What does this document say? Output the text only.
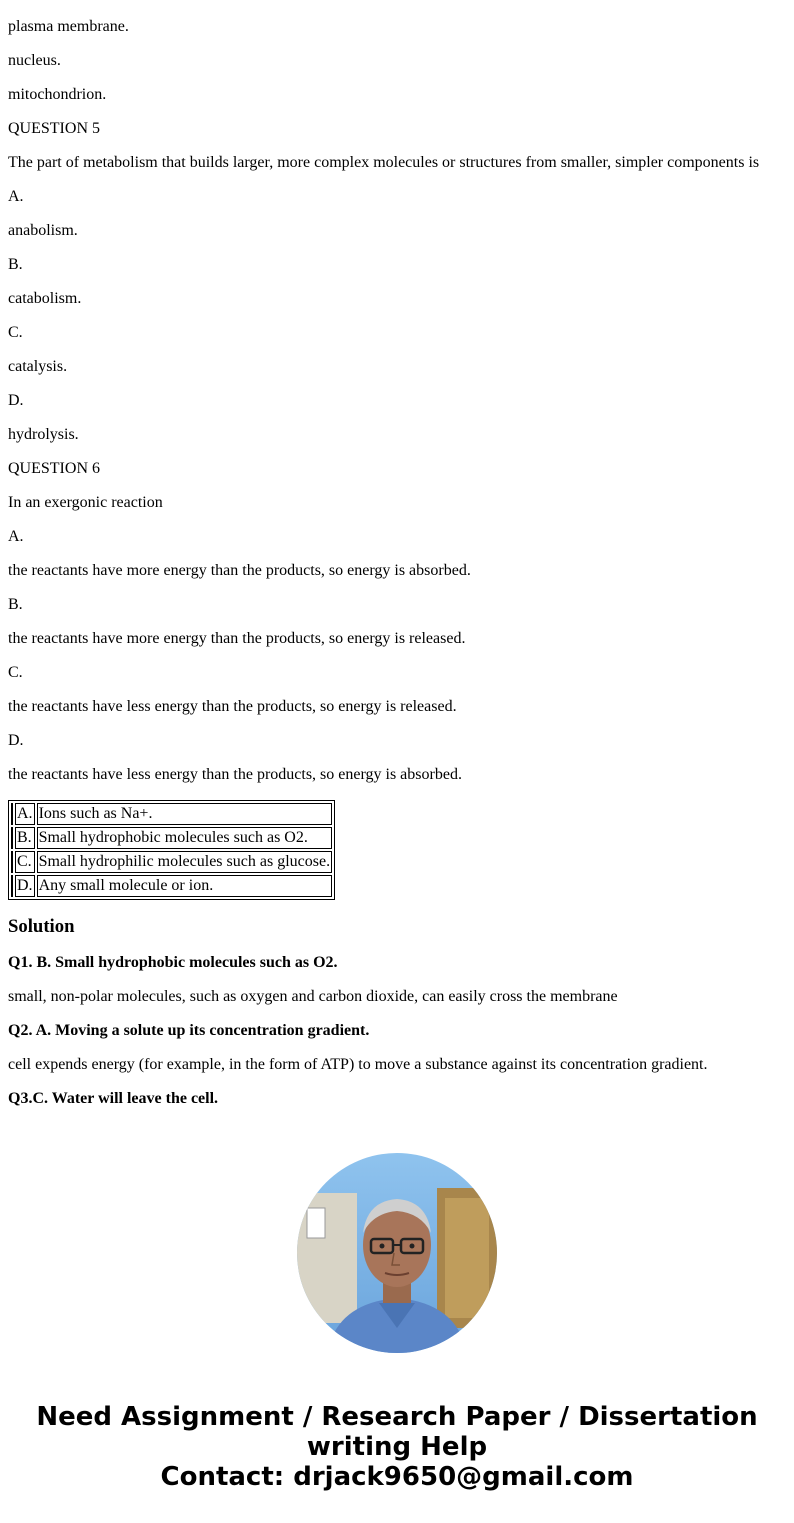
plasma membrane.

nucleus.

mitochondrion.

QUESTION 5

The part of metabolism that builds larger, more complex molecules or structures from smaller, simpler components is

A.

anabolism.

B.

catabolism.

C.

catalysis.

D.

hydrolysis.

QUESTION 6

In an exergonic reaction

A.

the reactants have more energy than the products, so energy is absorbed.

B.

the reactants have more energy than the products, so energy is released.

C.

the reactants have less energy than the products, so energy is released.

D.

the reactants have less energy than the products, so energy is absorbed.

	A.	Ions such as Na+.
	B.	Small hydrophobic molecules such as O2.
	C.	Small hydrophilic molecules such as glucose.
	D.	Any small molecule or ion.
Solution

Q1. B. Small hydrophobic molecules such as O2.

small, non-polar molecules, such as oxygen and carbon dioxide, can easily cross the membrane

Q2. A. Moving a solute up its concentration gradient.

cell expends energy (for example, in the form of ATP) to move a substance against its concentration gradient.

Q3.C. Water will leave the cell.

Need Assignment / Research Paper / Dissertation
writing Help
Contact: drjack9650@gmail.com
